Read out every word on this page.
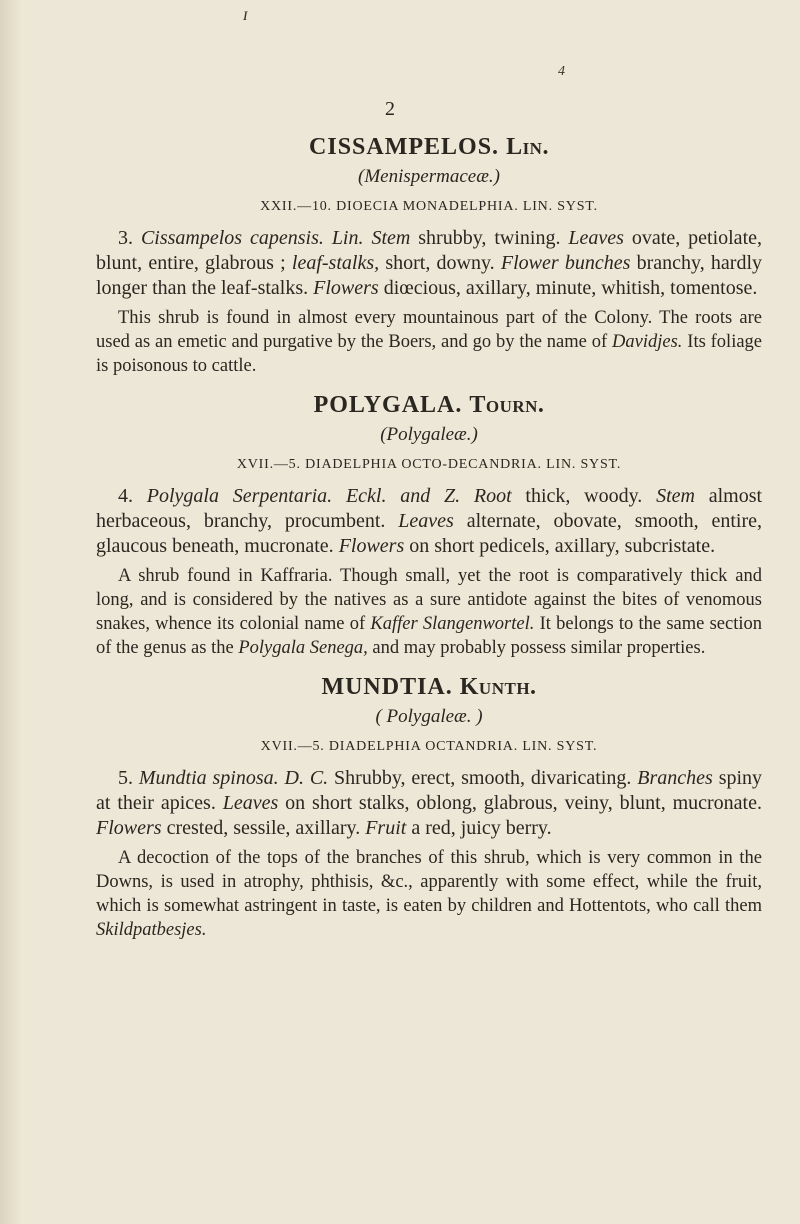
ɪ
4
2
CISSAMPELOS. Lin.

(Menispermaceæ.)

XXII.—10. DIOECIA MONADELPHIA. LIN. SYST.

3. Cissampelos capensis. Lin. Stem shrubby, twining. Leaves ovate, petiolate, blunt, entire, glabrous ; leaf-stalks, short, downy. Flower bunches branchy, hardly longer than the leaf-stalks. Flowers diœcious, axillary, minute, whitish, tomentose.

This shrub is found in almost every mountainous part of the Colony. The roots are used as an emetic and purgative by the Boers, and go by the name of Davidjes. Its foliage is poisonous to cattle.

POLYGALA. Tourn.

(Polygaleæ.)

XVII.—5. DIADELPHIA OCTO-DECANDRIA. LIN. SYST.

4. Polygala Serpentaria. Eckl. and Z. Root thick, woody. Stem almost herbaceous, branchy, procumbent. Leaves alternate, obovate, smooth, entire, glaucous beneath, mucronate. Flowers on short pedicels, axillary, subcristate.

A shrub found in Kaffraria. Though small, yet the root is comparatively thick and long, and is considered by the natives as a sure antidote against the bites of venomous snakes, whence its colonial name of Kaffer Slangenwortel. It belongs to the same section of the genus as the Polygala Senega, and may probably possess similar properties.

MUNDTIA. Kunth.

( Polygaleæ. )

XVII.—5. DIADELPHIA OCTANDRIA. LIN. SYST.

5. Mundtia spinosa. D. C. Shrubby, erect, smooth, divaricating. Branches spiny at their apices. Leaves on short stalks, oblong, glabrous, veiny, blunt, mucronate. Flowers crested, sessile, axillary. Fruit a red, juicy berry.

A decoction of the tops of the branches of this shrub, which is very common in the Downs, is used in atrophy, phthisis, &c., apparently with some effect, while the fruit, which is somewhat astringent in taste, is eaten by children and Hottentots, who call them Skildpatbesjes.
